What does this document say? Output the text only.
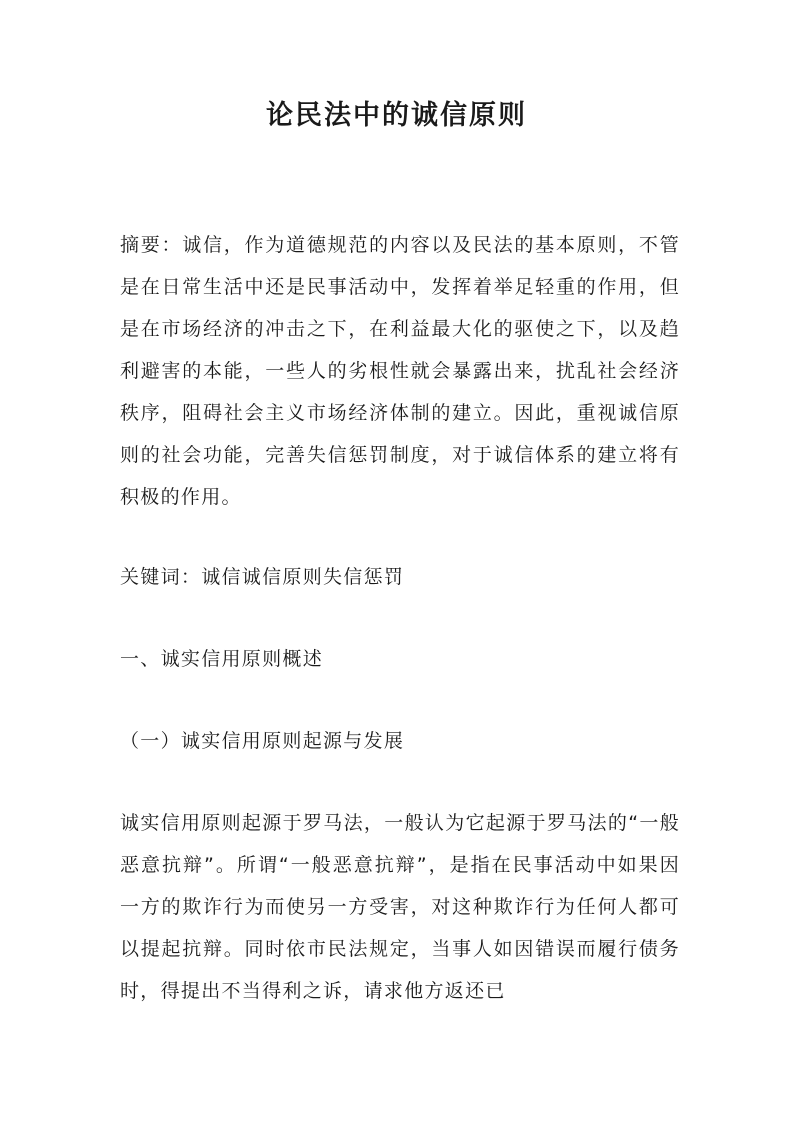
论民法中的诚信原则

摘要：诚信，作为道德规范的内容以及民法的基本原则，不管是在日常生活中还是民事活动中，发挥着举足轻重的作用，但是在市场经济的冲击之下，在利益最大化的驱使之下，以及趋利避害的本能，一些人的劣根性就会暴露出来，扰乱社会经济秩序，阻碍社会主义市场经济体制的建立。因此，重视诚信原则的社会功能，完善失信惩罚制度，对于诚信体系的建立将有积极的作用。

关键词：诚信诚信原则失信惩罚

一、诚实信用原则概述

（一）诚实信用原则起源与发展

诚实信用原则起源于罗马法，一般认为它起源于罗马法的“一般恶意抗辩”。所谓“一般恶意抗辩”，是指在民事活动中如果因一方的欺诈行为而使另一方受害，对这种欺诈行为任何人都可以提起抗辩。同时依市民法规定，当事人如因错误而履行债务时，得提出不当得利之诉，请求他方返还已
